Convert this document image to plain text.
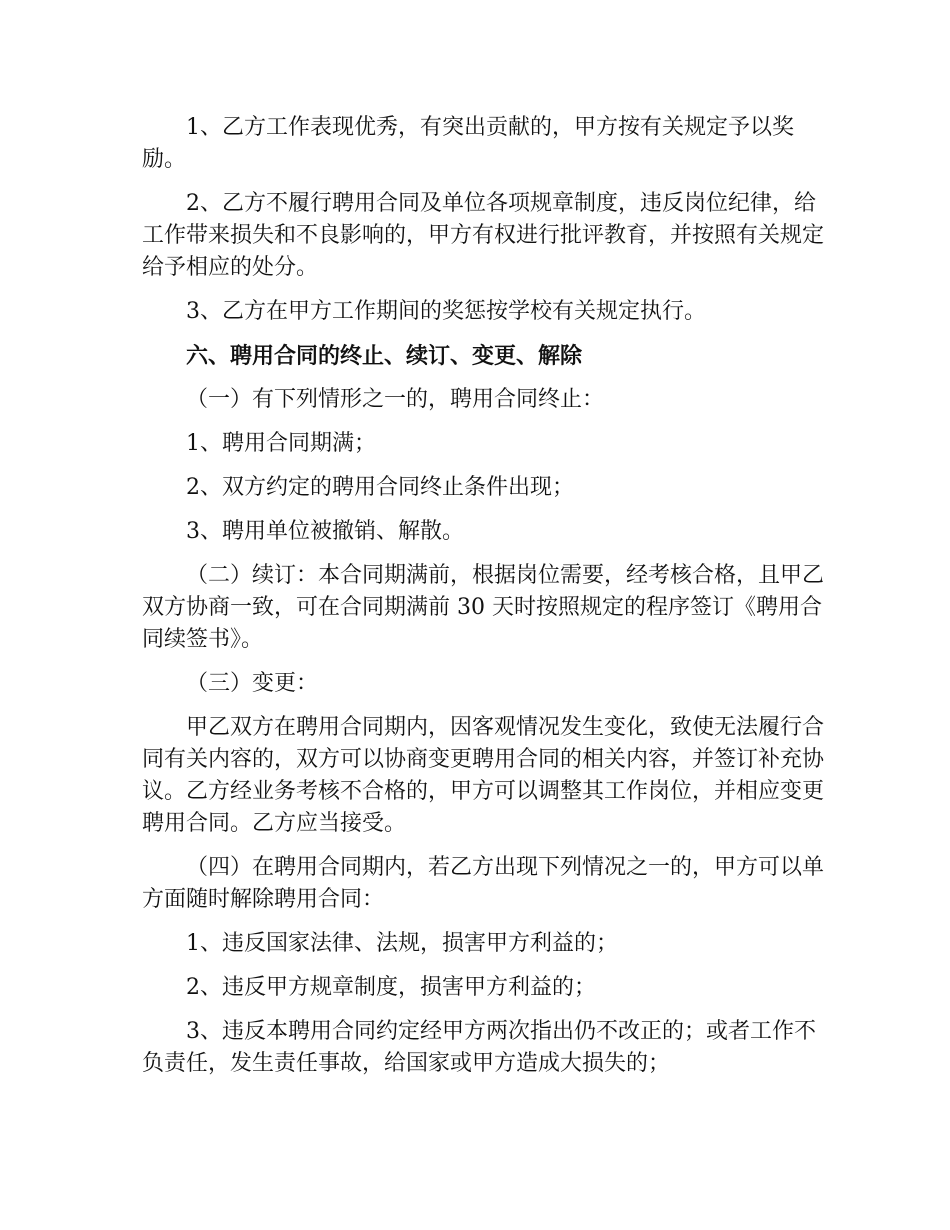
1、乙方工作表现优秀，有突出贡献的，甲方按有关规定予以奖励。

2、乙方不履行聘用合同及单位各项规章制度，违反岗位纪律，给工作带来损失和不良影响的，甲方有权进行批评教育，并按照有关规定给予相应的处分。

3、乙方在甲方工作期间的奖惩按学校有关规定执行。

六、聘用合同的终止、续订、变更、解除

（一）有下列情形之一的，聘用合同终止：

1、聘用合同期满；

2、双方约定的聘用合同终止条件出现；

3、聘用单位被撤销、解散。

（二）续订：本合同期满前，根据岗位需要，经考核合格，且甲乙双方协商一致，可在合同期满前 30 天时按照规定的程序签订《聘用合同续签书》。

（三）变更：

甲乙双方在聘用合同期内，因客观情况发生变化，致使无法履行合同有关内容的，双方可以协商变更聘用合同的相关内容，并签订补充协议。乙方经业务考核不合格的，甲方可以调整其工作岗位，并相应变更聘用合同。乙方应当接受。

（四）在聘用合同期内，若乙方出现下列情况之一的，甲方可以单方面随时解除聘用合同：

1、违反国家法律、法规，损害甲方利益的；

2、违反甲方规章制度，损害甲方利益的；

3、违反本聘用合同约定经甲方两次指出仍不改正的；或者工作不负责任，发生责任事故，给国家或甲方造成大损失的；
